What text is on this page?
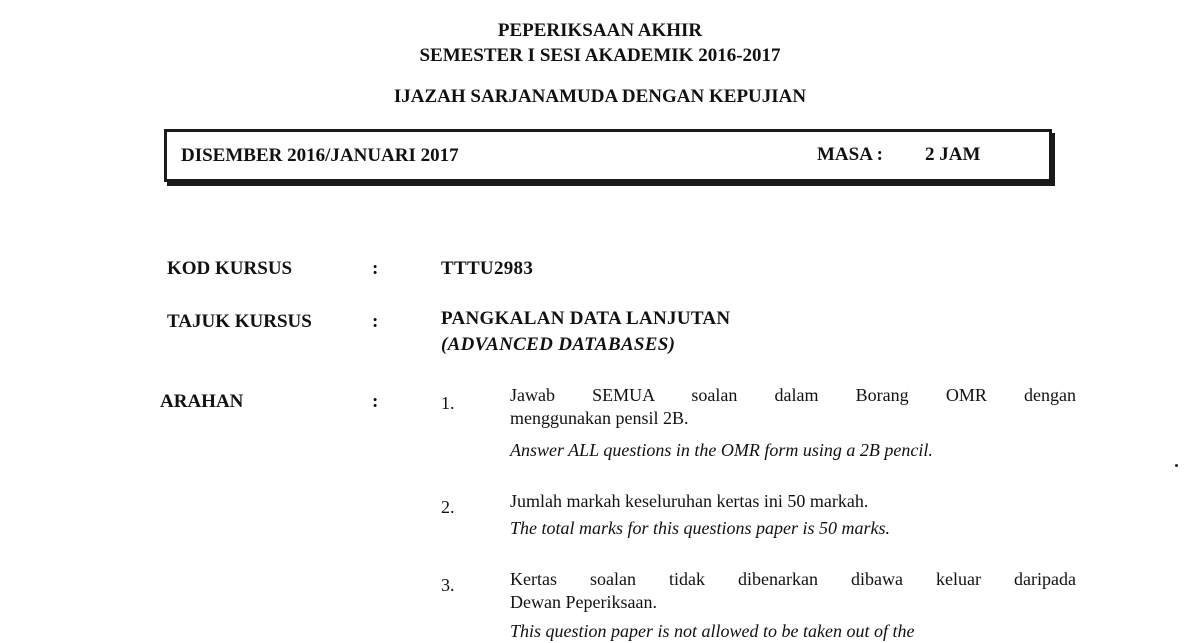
PEPERIKSAAN AKHIR
SEMESTER I SESI AKADEMIK 2016-2017
IJAZAH SARJANAMUDA DENGAN KEPUJIAN
DISEMBER 2016/JANUARI 2017	MASA : 2 JAM
KOD KURSUS	:	TTTU2983
TAJUK KURSUS	:	PANGKALAN DATA LANJUTAN
(ADVANCED DATABASES)
ARAHAN	:	1.	Jawab SEMUA soalan dalam Borang OMR dengan
menggunakan pensil 2B.
Answer ALL questions in the OMR form using a 2B pencil.
2.	Jumlah markah keseluruhan kertas ini 50 markah.
The total marks for this questions paper is 50 marks.
3.	Kertas soalan tidak dibenarkan dibawa keluar daripada
Dewan Peperiksaan.
This question paper is not allowed to be taken out of the
